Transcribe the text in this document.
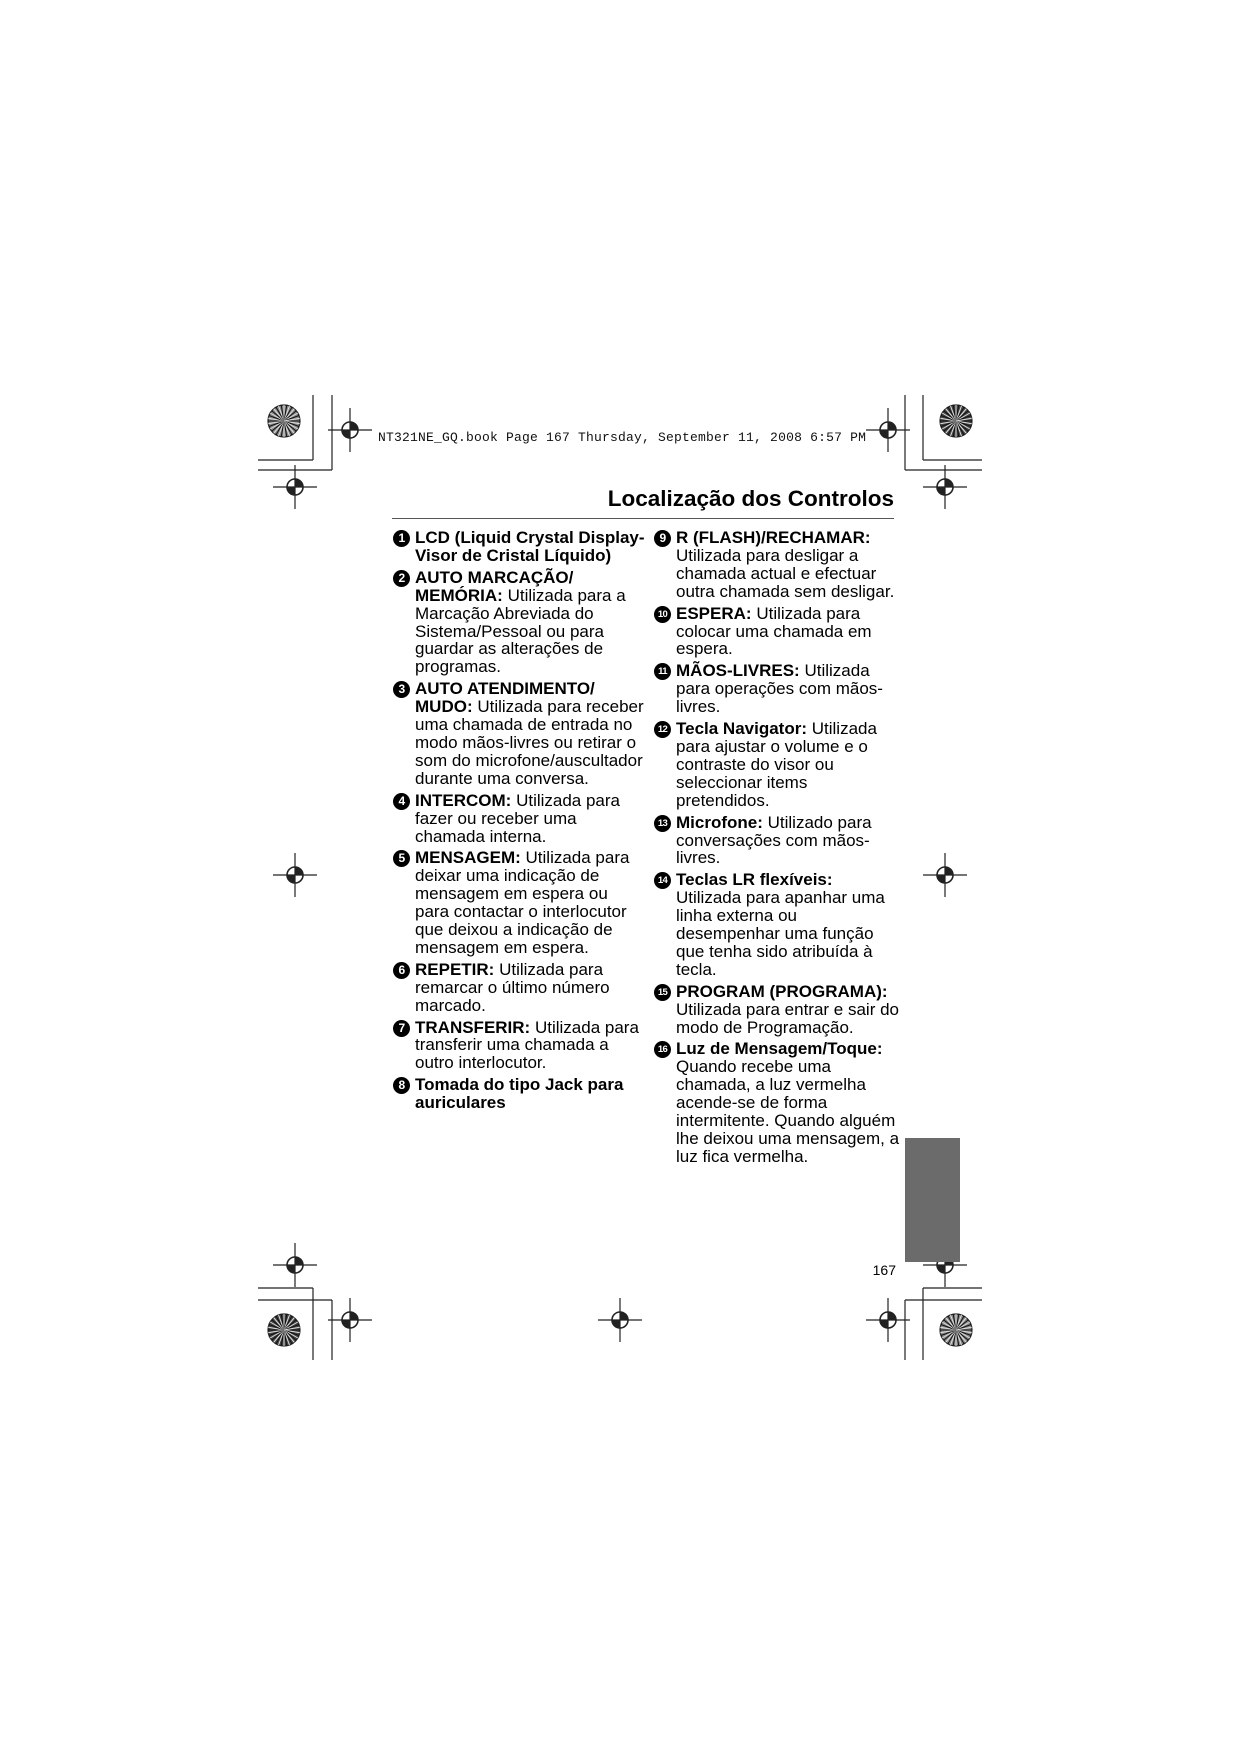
NT321NE_GQ.book Page 167 Thursday, September 11, 2008 6:57 PM
Localização dos Controlos
1 LCD (Liquid Crystal Display-Visor de Cristal Líquido)
2 AUTO MARCAÇÃO/ MEMÓRIA: Utilizada para a Marcação Abreviada do Sistema/Pessoal ou para guardar as alterações de programas.
3 AUTO ATENDIMENTO/ MUDO: Utilizada para receber uma chamada de entrada no modo mãos-livres ou retirar o som do microfone/auscultador durante uma conversa.
4 INTERCOM: Utilizada para fazer ou receber uma chamada interna.
5 MENSAGEM: Utilizada para deixar uma indicação de mensagem em espera ou para contactar o interlocutor que deixou a indicação de mensagem em espera.
6 REPETIR: Utilizada para remarcar o último número marcado.
7 TRANSFERIR: Utilizada para transferir uma chamada a outro interlocutor.
8 Tomada do tipo Jack para auriculares
9 R (FLASH)/RECHAMAR: Utilizada para desligar a chamada actual e efectuar outra chamada sem desligar.
10 ESPERA: Utilizada para colocar uma chamada em espera.
11 MÃOS-LIVRES: Utilizada para operações com mãos-livres.
12 Tecla Navigator: Utilizada para ajustar o volume e o contraste do visor ou seleccionar items pretendidos.
13 Microfone: Utilizado para conversações com mãos-livres.
14 Teclas LR flexíveis: Utilizada para apanhar uma linha externa ou desempenhar uma função que tenha sido atribuída à tecla.
15 PROGRAM (PROGRAMA): Utilizada para entrar e sair do modo de Programação.
16 Luz de Mensagem/Toque: Quando recebe uma chamada, a luz vermelha acende-se de forma intermitente. Quando alguém lhe deixou uma mensagem, a luz fica vermelha.
167
